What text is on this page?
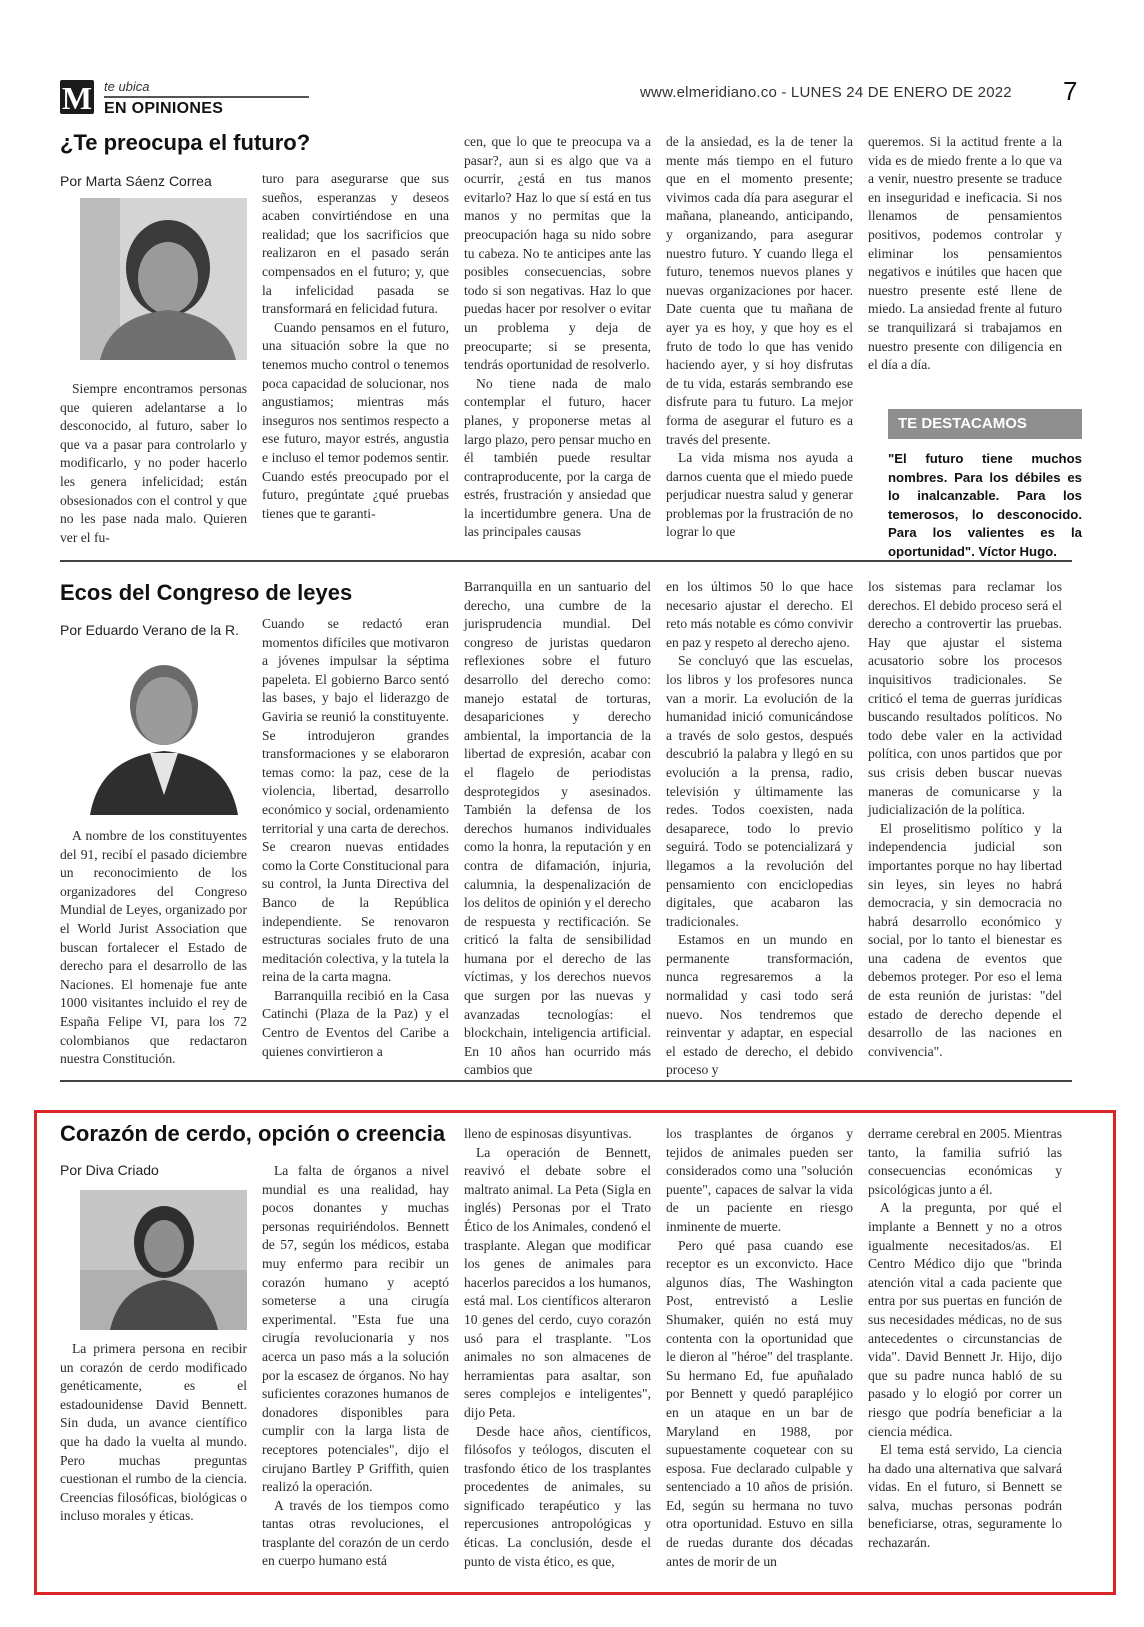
M te ubica
EN OPINIONES
www.elmeridiano.co - LUNES 24 DE ENERO DE 2022 7
¿Te preocupa el futuro?
Por Marta Sáenz Correa

Siempre encontramos personas que quieren adelantarse a lo desconocido, al futuro, saber lo que va a pasar para controlarlo y modificarlo, y no poder hacerlo les genera infelicidad; están obsesionados con el control y que no les pase nada malo. Quieren ver el fu-

turo para asegurarse que sus sueños, esperanzas y deseos acaben convirtiéndose en una realidad; que los sacrificios que realizaron en el pasado serán compensados en el futuro; y, que la infelicidad pasada se transformará en felicidad futura.

Cuando pensamos en el futuro, una situación sobre la que no tenemos mucho control o tenemos poca capacidad de solucionar, nos angustiamos; mientras más inseguros nos sentimos respecto a ese futuro, mayor estrés, angustia e incluso el temor podemos sentir. Cuando estés preocupado por el futuro, pregúntate ¿qué pruebas tienes que te garanti-

cen, que lo que te preocupa va a pasar?, aun si es algo que va a ocurrir, ¿está en tus manos evitarlo? Haz lo que sí está en tus manos y no permitas que la preocupación haga su nido sobre tu cabeza. No te anticipes ante las posibles consecuencias, sobre todo si son negativas. Haz lo que puedas hacer por resolver o evitar un problema y deja de preocuparte; si se presenta, tendrás oportunidad de resolverlo.

No tiene nada de malo contemplar el futuro, hacer planes, y proponerse metas al largo plazo, pero pensar mucho en él también puede resultar contraproducente, por la carga de estrés, frustración y ansiedad que la incertidumbre genera. Una de las principales causas

de la ansiedad, es la de tener la mente más tiempo en el futuro que en el momento presente; vivimos cada día para asegurar el mañana, planeando, anticipando, y organizando, para asegurar nuestro futuro. Y cuando llega el futuro, tenemos nuevos planes y nuevas organizaciones por hacer. Date cuenta que tu mañana de ayer ya es hoy, y que hoy es el fruto de todo lo que has venido haciendo ayer, y si hoy disfrutas de tu vida, estarás sembrando ese disfrute para tu futuro. La mejor forma de asegurar el futuro es a través del presente.

La vida misma nos ayuda a darnos cuenta que el miedo puede perjudicar nuestra salud y generar problemas por la frustración de no lograr lo que

queremos. Si la actitud frente a la vida es de miedo frente a lo que va a venir, nuestro presente se traduce en inseguridad e ineficacia. Si nos llenamos de pensamientos positivos, podemos controlar y eliminar los pensamientos negativos e inútiles que hacen que nuestro presente esté llene de miedo. La ansiedad frente al futuro se tranquilizará si trabajamos en nuestro presente con diligencia en el día a día.

TE DESTACAMOS
"El futuro tiene muchos nombres. Para los débiles es lo inalcanzable. Para los temerosos, lo desconocido. Para los valientes es la oportunidad". Víctor Hugo.
Ecos del Congreso de leyes
Por Eduardo Verano de la R.

A nombre de los constituyentes del 91, recibí el pasado diciembre un reconocimiento de los organizadores del Congreso Mundial de Leyes, organizado por el World Jurist Association que buscan fortalecer el Estado de derecho para el desarrollo de las Naciones. El homenaje fue ante 1000 visitantes incluido el rey de España Felipe VI, para los 72 colombianos que redactaron nuestra Constitución.

Cuando se redactó eran momentos difíciles que motivaron a jóvenes impulsar la séptima papeleta. El gobierno Barco sentó las bases, y bajo el liderazgo de Gaviria se reunió la constituyente. Se introdujeron grandes transformaciones y se elaboraron temas como: la paz, cese de la violencia, libertad, desarrollo económico y social, ordenamiento territorial y una carta de derechos. Se crearon nuevas entidades como la Corte Constitucional para su control, la Junta Directiva del Banco de la República independiente. Se renovaron estructuras sociales fruto de una meditación colectiva, y la tutela la reina de la carta magna.

Barranquilla recibió en la Casa Catinchi (Plaza de la Paz) y el Centro de Eventos del Caribe a quienes convirtieron a

Barranquilla en un santuario del derecho, una cumbre de la jurisprudencia mundial. Del congreso de juristas quedaron reflexiones sobre el futuro desarrollo del derecho como: manejo estatal de torturas, desapariciones y derecho ambiental, la importancia de la libertad de expresión, acabar con el flagelo de periodistas desprotegidos y asesinados. También la defensa de los derechos humanos individuales como la honra, la reputación y en contra de difamación, injuria, calumnia, la despenalización de los delitos de opinión y el derecho de respuesta y rectificación. Se criticó la falta de sensibilidad humana por el derecho de las víctimas, y los derechos nuevos que surgen por las nuevas y avanzadas tecnologías: el blockchain, inteligencia artificial. En 10 años han ocurrido más cambios que

en los últimos 50 lo que hace necesario ajustar el derecho. El reto más notable es cómo convivir en paz y respeto al derecho ajeno.

Se concluyó que las escuelas, los libros y los profesores nunca van a morir. La evolución de la humanidad inició comunicándose a través de solo gestos, después descubrió la palabra y llegó en su evolución a la prensa, radio, televisión y últimamente las redes. Todos coexisten, nada desaparece, todo lo previo seguirá. Todo se potencializará y llegamos a la revolución del pensamiento con enciclopedias digitales, que acabaron las tradicionales.

Estamos en un mundo en permanente transformación, nunca regresaremos a la normalidad y casi todo será nuevo. Nos tendremos que reinventar y adaptar, en especial el estado de derecho, el debido proceso y

los sistemas para reclamar los derechos. El debido proceso será el derecho a controvertir las pruebas. Hay que ajustar el sistema acusatorio sobre los procesos inquisitivos tradicionales. Se criticó el tema de guerras jurídicas buscando resultados políticos. No todo debe valer en la actividad política, con unos partidos que por sus crisis deben buscar nuevas maneras de comunicarse y la judicialización de la política.

El proselitismo político y la independencia judicial son importantes porque no hay libertad sin leyes, sin leyes no habrá democracia, y sin democracia no habrá desarrollo económico y social, por lo tanto el bienestar es una cadena de eventos que debemos proteger. Por eso el lema de esta reunión de juristas: "del estado de derecho depende el desarrollo de las naciones en convivencia".

Corazón de cerdo, opción o creencia
Por Diva Criado

La primera persona en recibir un corazón de cerdo modificado genéticamente, es el estadounidense David Bennett. Sin duda, un avance científico que ha dado la vuelta al mundo. Pero muchas preguntas cuestionan el rumbo de la ciencia. Creencias filosóficas, biológicas o incluso morales y éticas.

La falta de órganos a nivel mundial es una realidad, hay pocos donantes y muchas personas requiriéndolos. Bennett de 57, según los médicos, estaba muy enfermo para recibir un corazón humano y aceptó someterse a una cirugía experimental. "Esta fue una cirugía revolucionaria y nos acerca un paso más a la solución por la escasez de órganos. No hay suficientes corazones humanos de donadores disponibles para cumplir con la larga lista de receptores potenciales", dijo el cirujano Bartley P Griffith, quien realizó la operación.

A través de los tiempos como tantas otras revoluciones, el trasplante del corazón de un cerdo en cuerpo humano está

lleno de espinosas disyuntivas.

La operación de Bennett, reavivó el debate sobre el maltrato animal. La Peta (Sigla en inglés) Personas por el Trato Ético de los Animales, condenó el trasplante. Alegan que modificar los genes de animales para hacerlos parecidos a los humanos, está mal. Los científicos alteraron 10 genes del cerdo, cuyo corazón usó para el trasplante. "Los animales no son almacenes de herramientas para asaltar, son seres complejos e inteligentes", dijo Peta.

Desde hace años, científicos, filósofos y teólogos, discuten el trasfondo ético de los trasplantes procedentes de animales, su significado terapéutico y las repercusiones antropológicas y éticas. La conclusión, desde el punto de vista ético, es que,

los trasplantes de órganos y tejidos de animales pueden ser considerados como una "solución puente", capaces de salvar la vida de un paciente en riesgo inminente de muerte.

Pero qué pasa cuando ese receptor es un exconvicto. Hace algunos días, The Washington Post, entrevistó a Leslie Shumaker, quién no está muy contenta con la oportunidad que le dieron al "héroe" del trasplante. Su hermano Ed, fue apuñalado por Bennett y quedó parapléjico en un ataque en un bar de Maryland en 1988, por supuestamente coquetear con su esposa. Fue declarado culpable y sentenciado a 10 años de prisión. Ed, según su hermana no tuvo otra oportunidad. Estuvo en silla de ruedas durante dos décadas antes de morir de un

derrame cerebral en 2005. Mientras tanto, la familia sufrió las consecuencias económicas y psicológicas junto a él.

A la pregunta, por qué el implante a Bennett y no a otros igualmente necesitados/as. El Centro Médico dijo que "brinda atención vital a cada paciente que entra por sus puertas en función de sus necesidades médicas, no de sus antecedentes o circunstancias de vida". David Bennett Jr. Hijo, dijo que su padre nunca habló de su pasado y lo elogió por correr un riesgo que podría beneficiar a la ciencia médica.

El tema está servido, La ciencia ha dado una alternativa que salvará vidas. En el futuro, si Bennett se salva, muchas personas podrán beneficiarse, otras, seguramente lo rechazarán.
